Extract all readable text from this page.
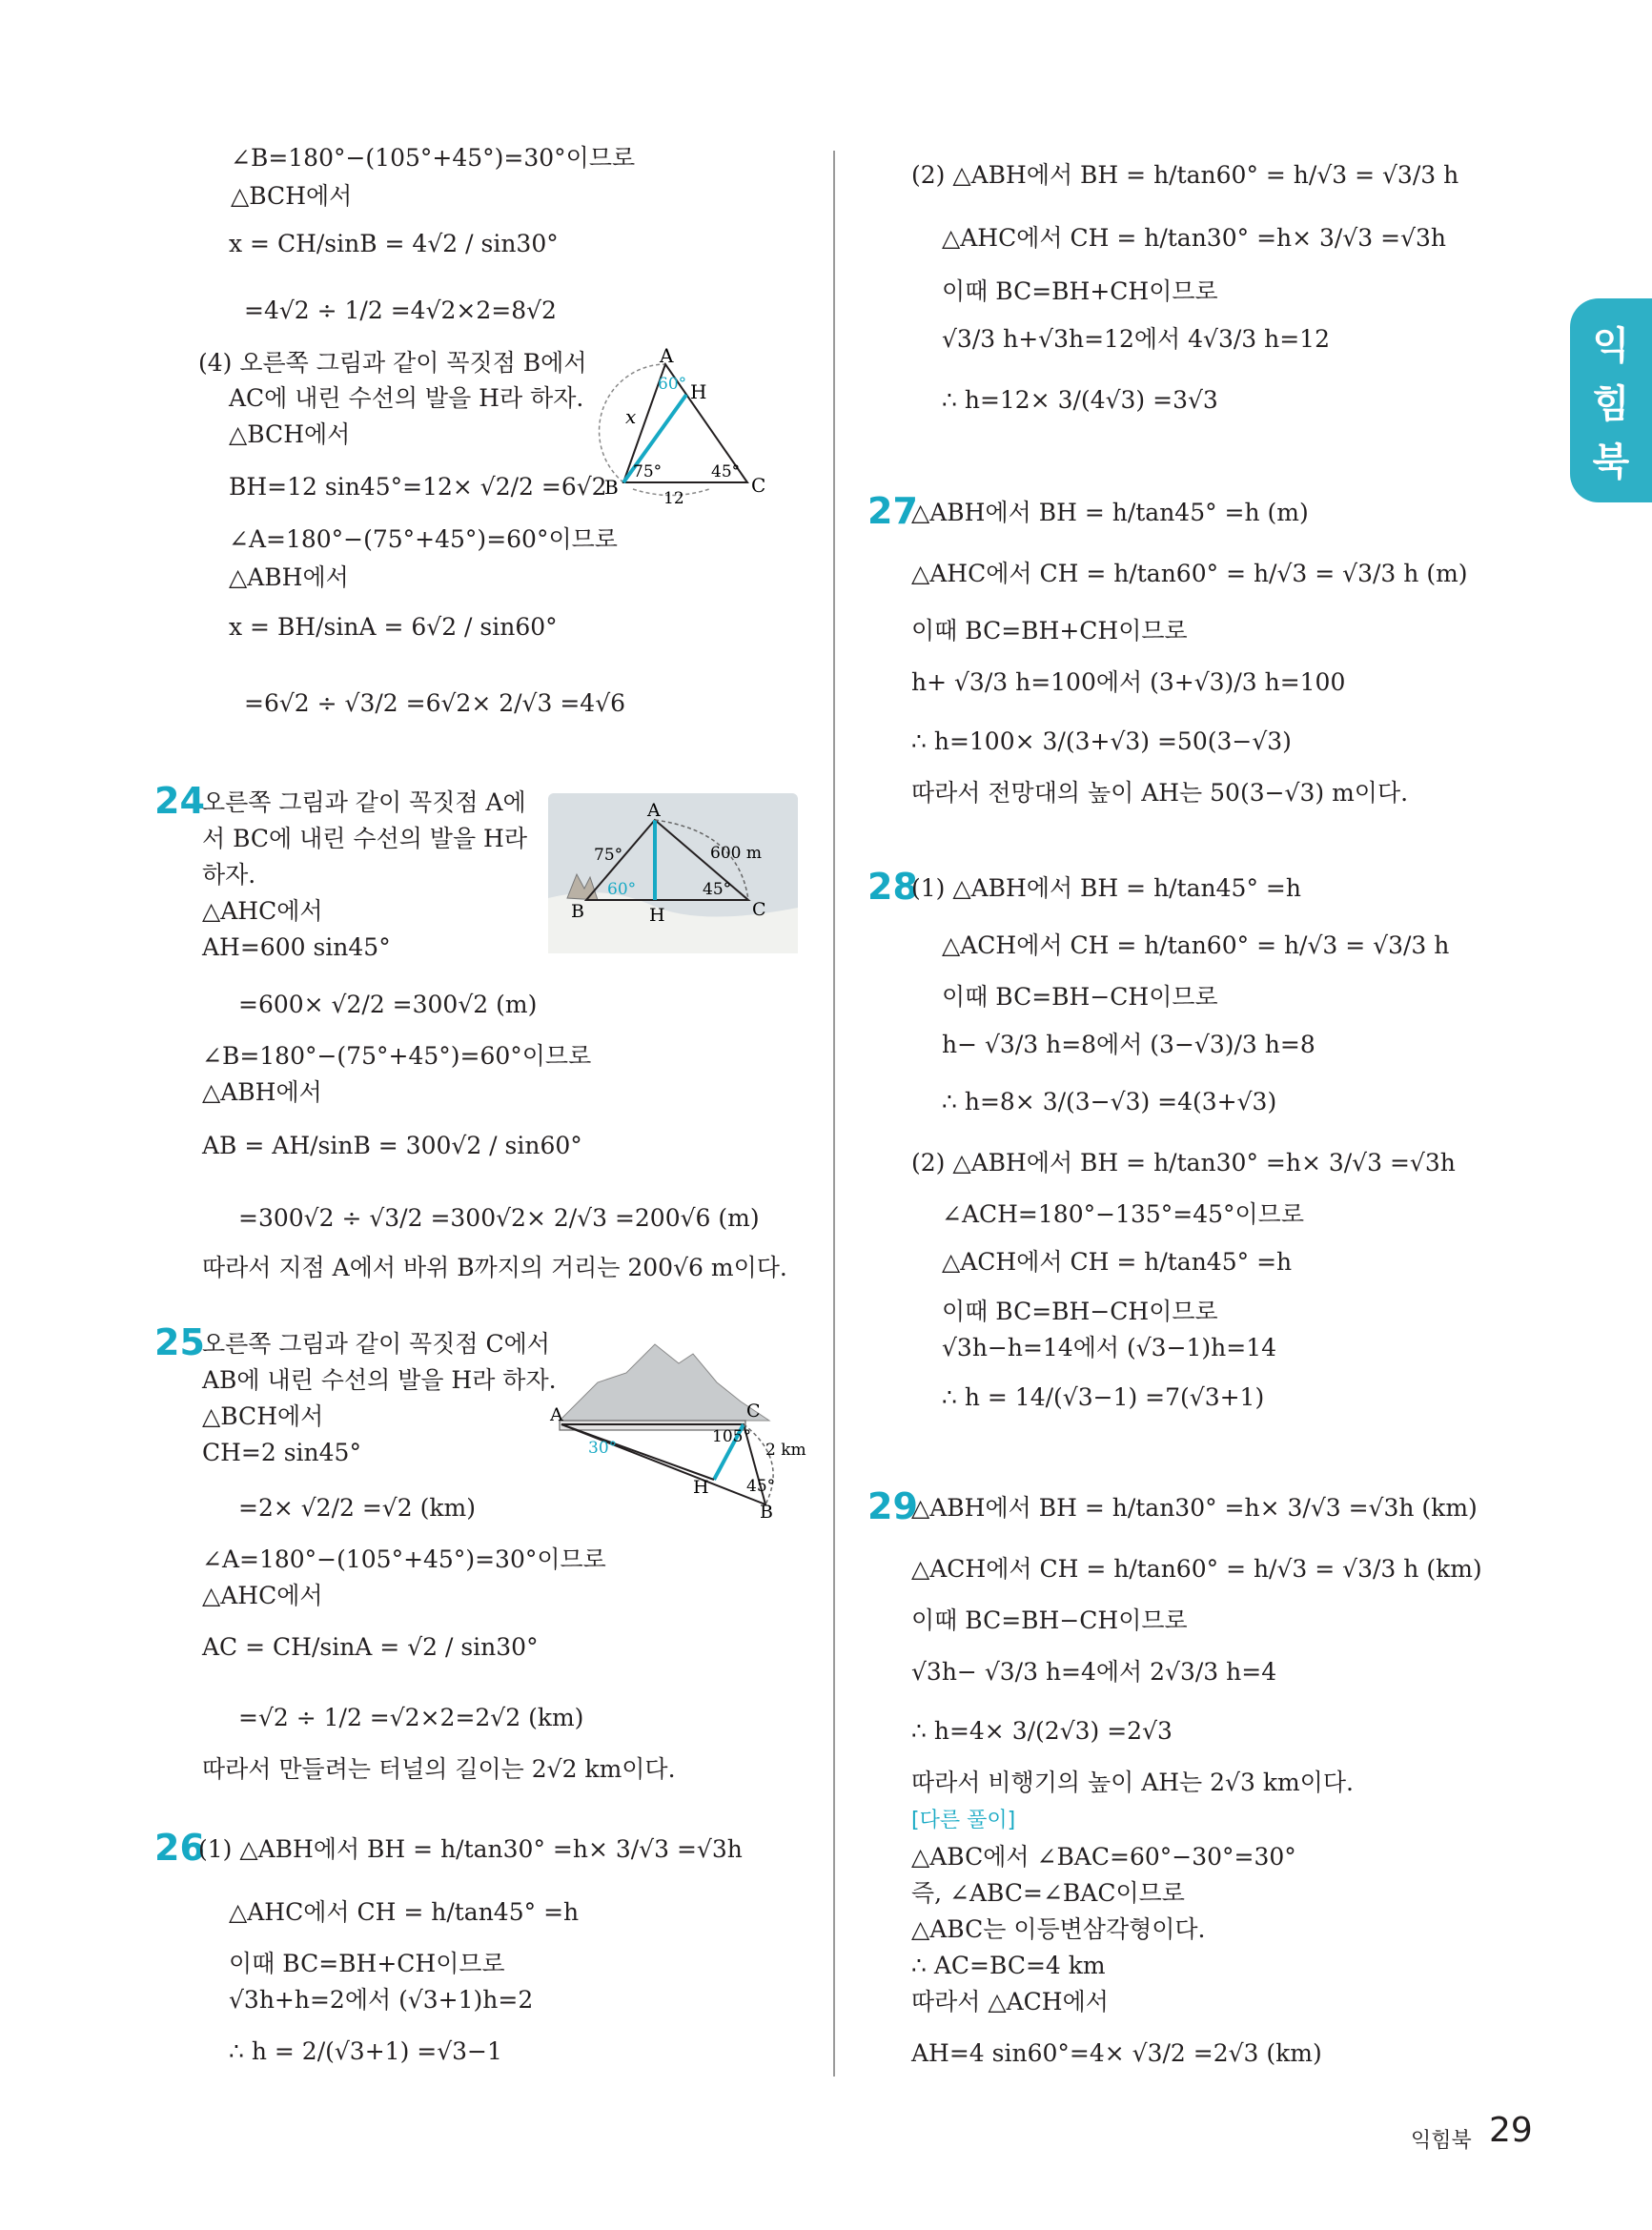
익
힘
북
∠B=180°−(105°+45°)=30°이므로
△BCH에서
x = CH/sinB = 4√2 / sin30°
=4√2 ÷ 1/2 =4√2×2=8√2
(4) 오른쪽 그림과 같이 꼭짓점 B에서
AC에 내린 수선의 발을 H라 하자.
△BCH에서
BH=12 sin45°=12× √2/2 =6√2
∠A=180°−(75°+45°)=60°이므로
△ABH에서
x = BH/sinA = 6√2 / sin60°
=6√2 ÷ √3/2 =6√2× 2/√3 =4√6
A
H
B	C
x
60°
75°	45°
12
24
오른쪽 그림과 같이 꼭짓점 A에
서 BC에 내린 수선의 발을 H라
하자.
△AHC에서
AH=600 sin45°
=600× √2/2 =300√2 (m)
∠B=180°−(75°+45°)=60°이므로
△ABH에서
AB = AH/sinB = 300√2 / sin60°
=300√2 ÷ √3/2 =300√2× 2/√3 =200√6 (m)
따라서 지점 A에서 바위 B까지의 거리는 200√6 m이다.
A
B	C
H
75°
60°	45°
600 m
25
오른쪽 그림과 같이 꼭짓점 C에서
AB에 내린 수선의 발을 H라 하자.
△BCH에서
CH=2 sin45°
=2× √2/2 =√2 (km)
∠A=180°−(105°+45°)=30°이므로
△AHC에서
AC = CH/sinA = √2 / sin30°
=√2 ÷ 1/2 =√2×2=2√2 (km)
따라서 만들려는 터널의 길이는 2√2 km이다.
A	C
H
B
30°
105°
45°
2 km
26
(1) △ABH에서 BH = h/tan30° =h× 3/√3 =√3h
△AHC에서 CH = h/tan45° =h
이때 BC=BH+CH이므로
√3h+h=2에서 (√3+1)h=2
∴ h = 2/(√3+1) =√3−1
(2) △ABH에서 BH = h/tan60° = h/√3 = √3/3 h
△AHC에서 CH = h/tan30° =h× 3/√3 =√3h
이때 BC=BH+CH이므로
√3/3 h+√3h=12에서 4√3/3 h=12
∴ h=12× 3/(4√3) =3√3
27
△ABH에서 BH = h/tan45° =h (m)
△AHC에서 CH = h/tan60° = h/√3 = √3/3 h (m)
이때 BC=BH+CH이므로
h+ √3/3 h=100에서 (3+√3)/3 h=100
∴ h=100× 3/(3+√3) =50(3−√3)
따라서 전망대의 높이 AH는 50(3−√3) m이다.
28
(1) △ABH에서 BH = h/tan45° =h
△ACH에서 CH = h/tan60° = h/√3 = √3/3 h
이때 BC=BH−CH이므로
h− √3/3 h=8에서 (3−√3)/3 h=8
∴ h=8× 3/(3−√3) =4(3+√3)
(2) △ABH에서 BH = h/tan30° =h× 3/√3 =√3h
∠ACH=180°−135°=45°이므로
△ACH에서 CH = h/tan45° =h
이때 BC=BH−CH이므로
√3h−h=14에서 (√3−1)h=14
∴ h = 14/(√3−1) =7(√3+1)
29
△ABH에서 BH = h/tan30° =h× 3/√3 =√3h (km)
△ACH에서 CH = h/tan60° = h/√3 = √3/3 h (km)
이때 BC=BH−CH이므로
√3h− √3/3 h=4에서 2√3/3 h=4
∴ h=4× 3/(2√3) =2√3
따라서 비행기의 높이 AH는 2√3 km이다.
[다른 풀이]
△ABC에서 ∠BAC=60°−30°=30°
즉, ∠ABC=∠BAC이므로
△ABC는 이등변삼각형이다.
∴ AC=BC=4 km
따라서 △ACH에서
AH=4 sin60°=4× √3/2 =2√3 (km)
익힘북 29
